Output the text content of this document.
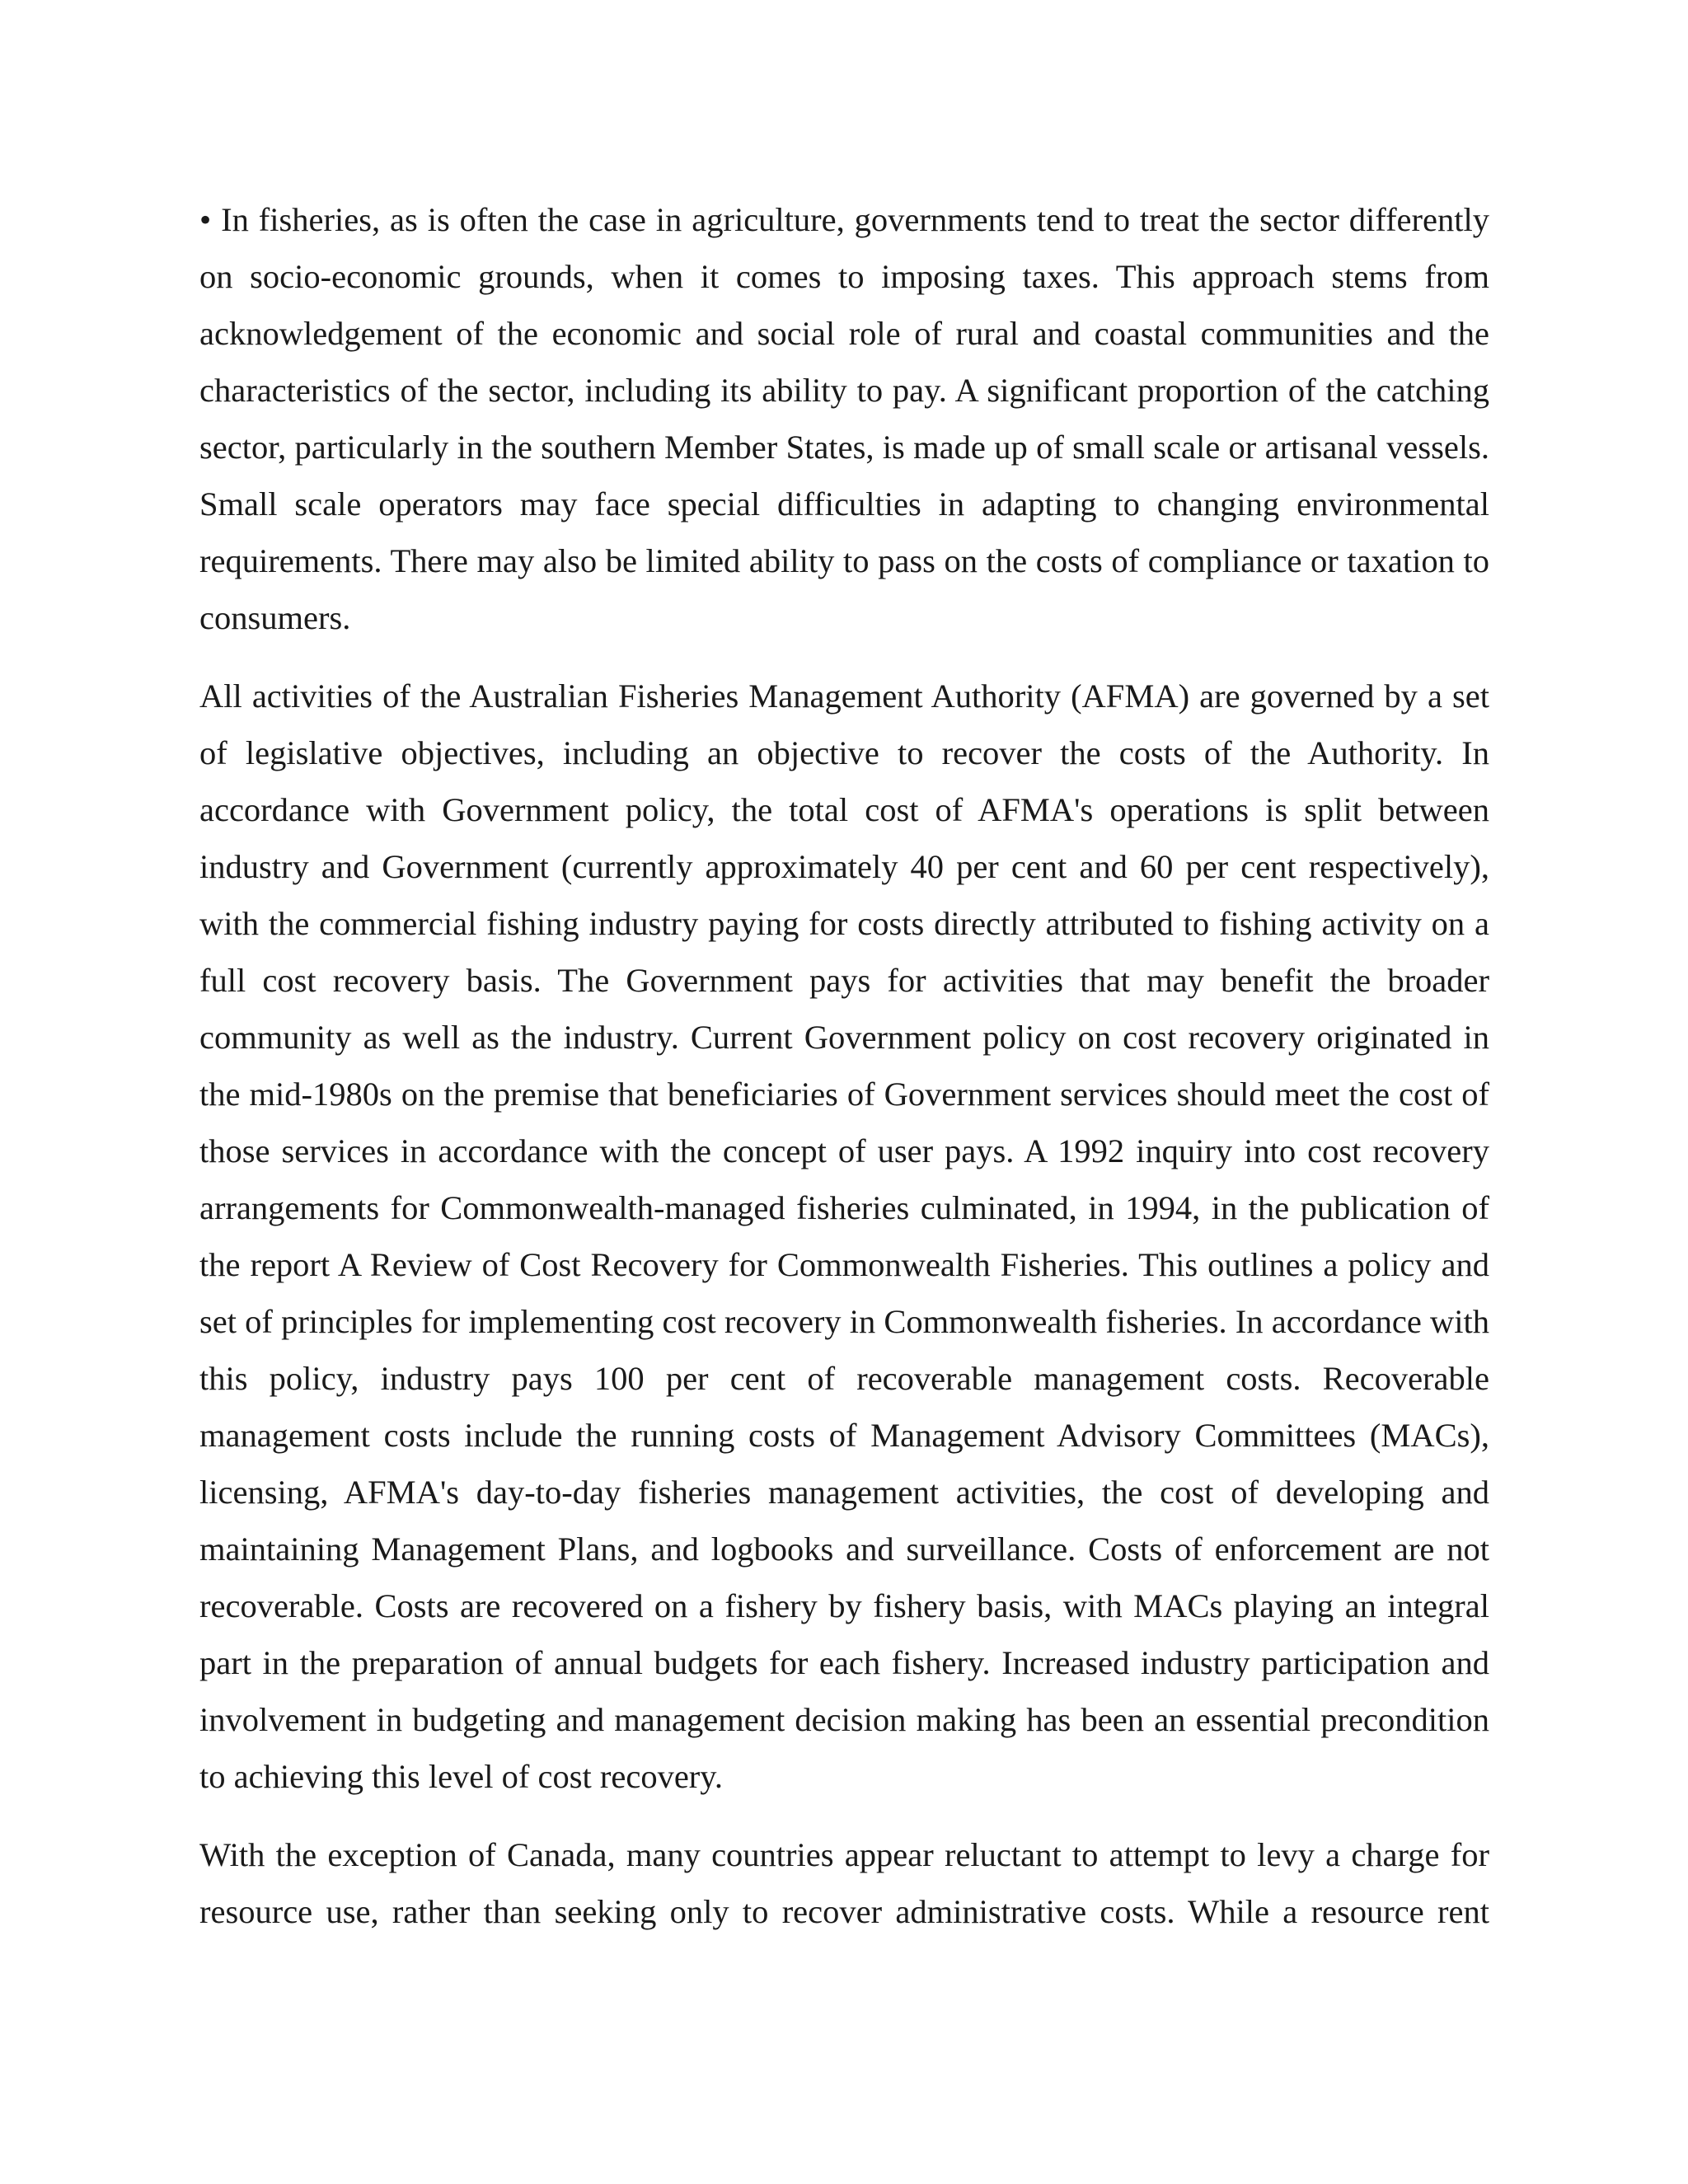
• In fisheries, as is often the case in agriculture, governments tend to treat the sector differently on socio-economic grounds, when it comes to imposing taxes. This approach stems from acknowledgement of the economic and social role of rural and coastal communities and the characteristics of the sector, including its ability to pay. A significant proportion of the catching sector, particularly in the southern Member States, is made up of small scale or artisanal vessels. Small scale operators may face special difficulties in adapting to changing environmental requirements. There may also be limited ability to pass on the costs of compliance or taxation to consumers.

All activities of the Australian Fisheries Management Authority (AFMA) are governed by a set of legislative objectives, including an objective to recover the costs of the Authority. In accordance with Government policy, the total cost of AFMA's operations is split between industry and Government (currently approximately 40 per cent and 60 per cent respectively), with the commercial fishing industry paying for costs directly attributed to fishing activity on a full cost recovery basis. The Government pays for activities that may benefit the broader community as well as the industry. Current Government policy on cost recovery originated in the mid-1980s on the premise that beneficiaries of Government services should meet the cost of those services in accordance with the concept of user pays. A 1992 inquiry into cost recovery arrangements for Commonwealth-managed fisheries culminated, in 1994, in the publication of the report A Review of Cost Recovery for Commonwealth Fisheries. This outlines a policy and set of principles for implementing cost recovery in Commonwealth fisheries. In accordance with this policy, industry pays 100 per cent of recoverable management costs. Recoverable management costs include the running costs of Management Advisory Committees (MACs), licensing, AFMA's day-to-day fisheries management activities, the cost of developing and maintaining Management Plans, and logbooks and surveillance. Costs of enforcement are not recoverable. Costs are recovered on a fishery by fishery basis, with MACs playing an integral part in the preparation of annual budgets for each fishery. Increased industry participation and involvement in budgeting and management decision making has been an essential precondition to achieving this level of cost recovery.

With the exception of Canada, many countries appear reluctant to attempt to levy a charge for resource use, rather than seeking only to recover administrative costs. While a resource rent
